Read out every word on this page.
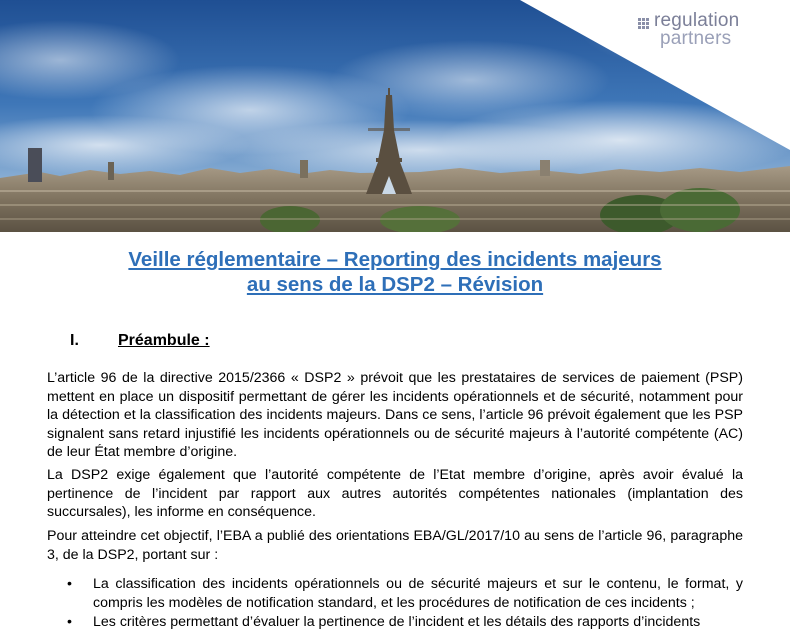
regulation
partners
Veille réglementaire – Reporting des incidents majeurs
au sens de la DSP2 – Révision
I. Préambule :
L’article 96 de la directive 2015/2366 « DSP2 » prévoit que les prestataires de services de paiement (PSP) mettent en place un dispositif permettant de gérer les incidents opérationnels et de sécurité, notamment pour la détection et la classification des incidents majeurs. Dans ce sens, l’article 96 prévoit également que les PSP signalent sans retard injustifié les incidents opérationnels ou de sécurité majeurs à l’autorité compétente (AC) de leur État membre d’origine.
La DSP2 exige également que l’autorité compétente de l’Etat membre d’origine, après avoir évalué la pertinence de l’incident par rapport aux autres autorités compétentes nationales (implantation des succursales), les informe en conséquence.
Pour atteindre cet objectif, l’EBA a publié des orientations EBA/GL/2017/10 au sens de l’article 96, paragraphe 3, de la DSP2, portant sur :
• La classification des incidents opérationnels ou de sécurité majeurs et sur le contenu, le format, y compris les modèles de notification standard, et les procédures de notification de ces incidents ;
• Les critères permettant d’évaluer la pertinence de l’incident et les détails des rapports d’incidents
